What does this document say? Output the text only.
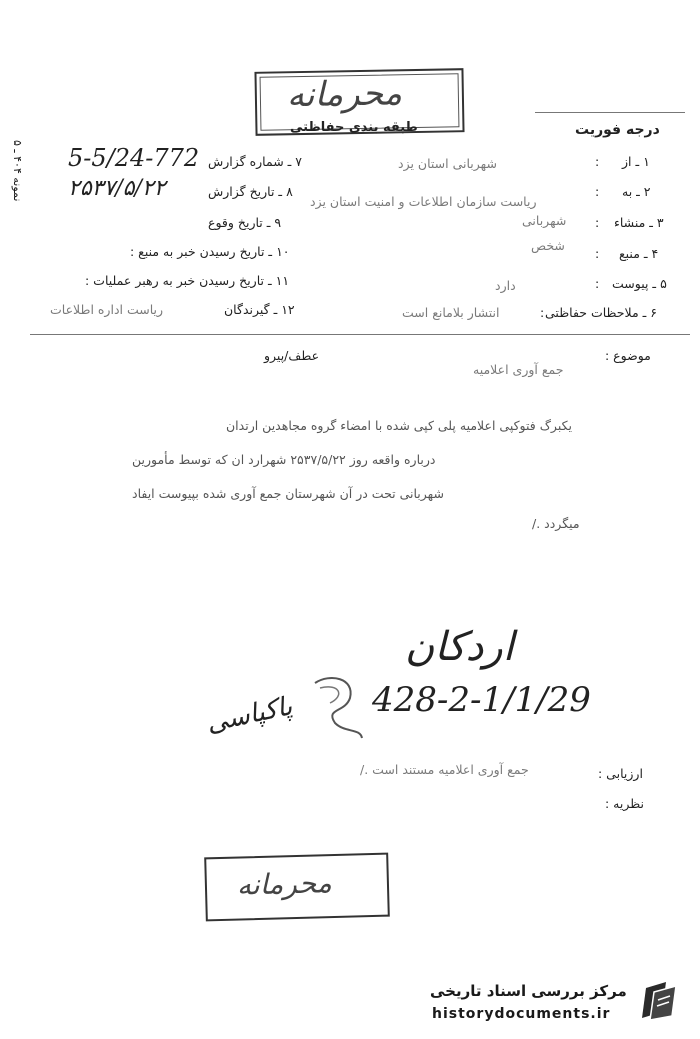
محرمانه
طبقه بندی حفاظتی	درجه فوریت
نمونه ۴۰۴ ـ ۵
۱ ـ از
:
شهربانی استان یزد
۲ ـ به
:
ریاست سازمان اطلاعات و امنیت استان یزد
۳ ـ منشاء
:
شهربانی
۴ ـ منبع
:
شخص
۵ ـ پیوست
:
دارد
۶ ـ ملاحظات حفاظتی
:
انتشار بلامانع است
۷ ـ شماره گزارش
5-5/24-772
۸ ـ تاریخ گزارش
۲۵۳۷/۵/۲۲
۹ ـ تاریخ وقوع
۱۰ ـ تاریخ رسیدن خبر به منبع :
۱۱ ـ تاریخ رسیدن خبر به رهبر عملیات :
۱۲ ـ گیرندگان
ریاست اداره اطلاعات
عطف/پیرو	موضوع :
جمع آوری اعلامیه
یکبرگ فتوکپی اعلامیه پلی کپی شده با امضاء گروه مجاهدین ارتدان
درباره واقعه روز ۲۵۳۷/۵/۲۲ شهرارد ان که توسط مأمورین
شهربانی تحت در آن شهرستان جمع آوری شده بپیوست ایفاد
میگردد ./
اردکان
428-2-1/1/29
پاکپاسی
ارزیابی :
جمع آوری اعلامیه مستند است ./
نظریه :
محرمانه
مرکز بررسی اسناد تاریخی
historydocuments.ir
